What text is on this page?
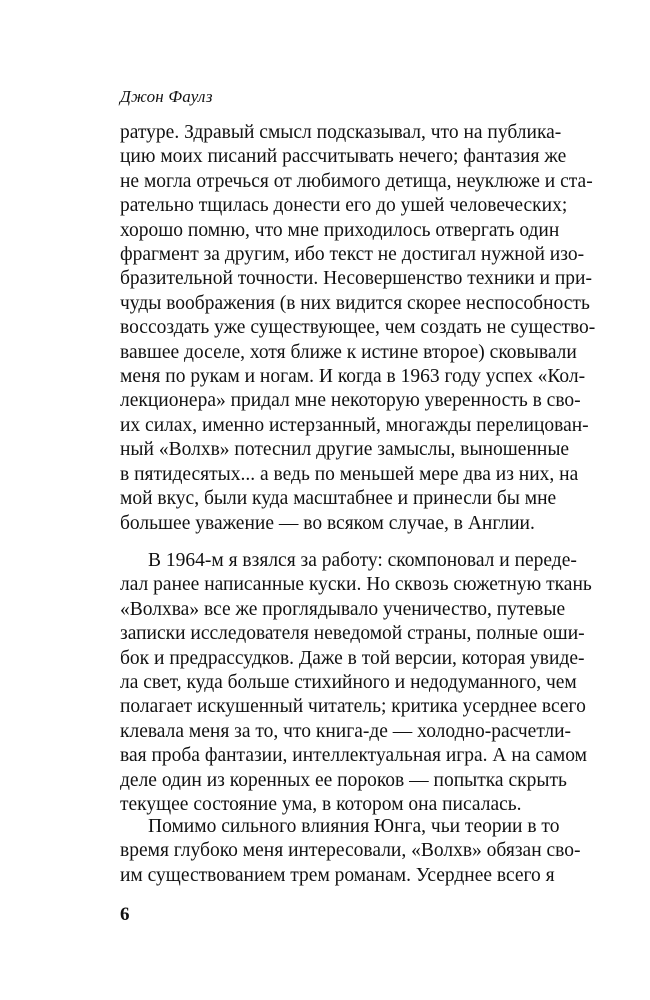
Джон Фаулз
ратуре. Здравый смысл подсказывал, что на публика-
цию моих писаний рассчитывать нечего; фантазия же
не могла отречься от любимого детища, неуклюже и ста-
рательно тщилась донести его до ушей человеческих;
хорошо помню, что мне приходилось отвергать один
фрагмент за другим, ибо текст не достигал нужной изо-
бразительной точности. Несовершенство техники и при-
чуды воображения (в них видится скорее неспособность
воссоздать уже существующее, чем создать не существо-
вавшее доселе, хотя ближе к истине второе) сковывали
меня по рукам и ногам. И когда в 1963 году успех «Кол-
лекционера» придал мне некоторую уверенность в сво-
их силах, именно истерзанный, многажды перелицован-
ный «Волхв» потеснил другие замыслы, выношенные
в пятидесятых... а ведь по меньшей мере два из них, на
мой вкус, были куда масштабнее и принесли бы мне
большее уважение — во всяком случае, в Англии.
В 1964-м я взялся за работу: скомпоновал и переде-
лал ранее написанные куски. Но сквозь сюжетную ткань
«Волхва» все же проглядывало ученичество, путевые
записки исследователя неведомой страны, полные оши-
бок и предрассудков. Даже в той версии, которая увиде-
ла свет, куда больше стихийного и недодуманного, чем
полагает искушенный читатель; критика усерднее всего
клевала меня за то, что книга-де — холодно-расчетли-
вая проба фантазии, интеллектуальная игра. А на самом
деле один из коренных ее пороков — попытка скрыть
текущее состояние ума, в котором она писалась.
Помимо сильного влияния Юнга, чьи теории в то
время глубоко меня интересовали, «Волхв» обязан сво-
им существованием трем романам. Усерднее всего я
6
